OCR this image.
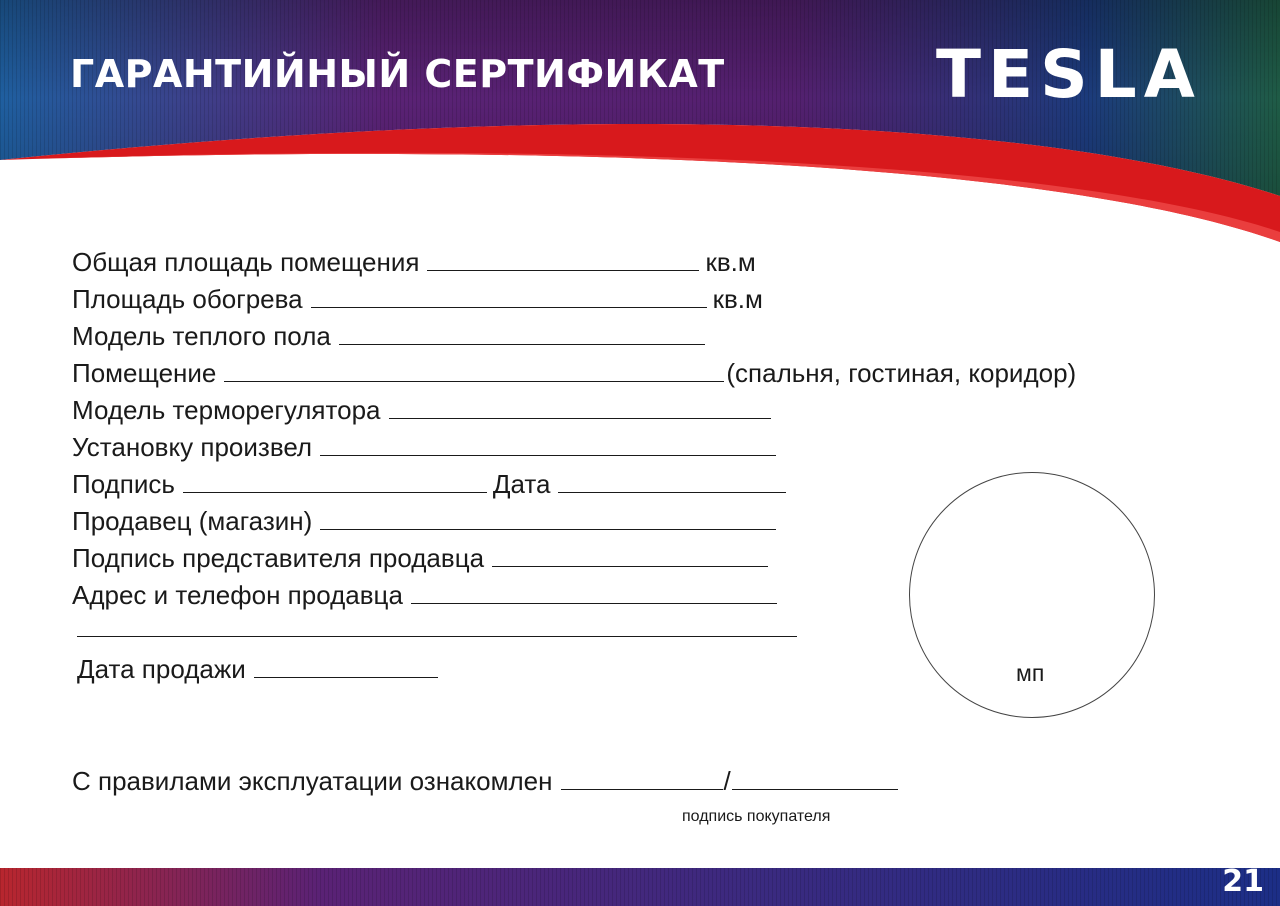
ГАРАНТИЙНЫЙ СЕРТИФИКАТ	TESLA
Общая площадь помещения	кв.м
Площадь обогрева	кв.м
Модель теплого пола
Помещение	(спальня, гостиная, коридор)
Модель терморегулятора
Установку произвел
Подпись	Дата
Продавец (магазин)
Подпись представителя продавца
Адрес и телефон продавца
Дата продажи	мп
С правилами эксплуатации ознакомлен	/
подпись покупателя
21
